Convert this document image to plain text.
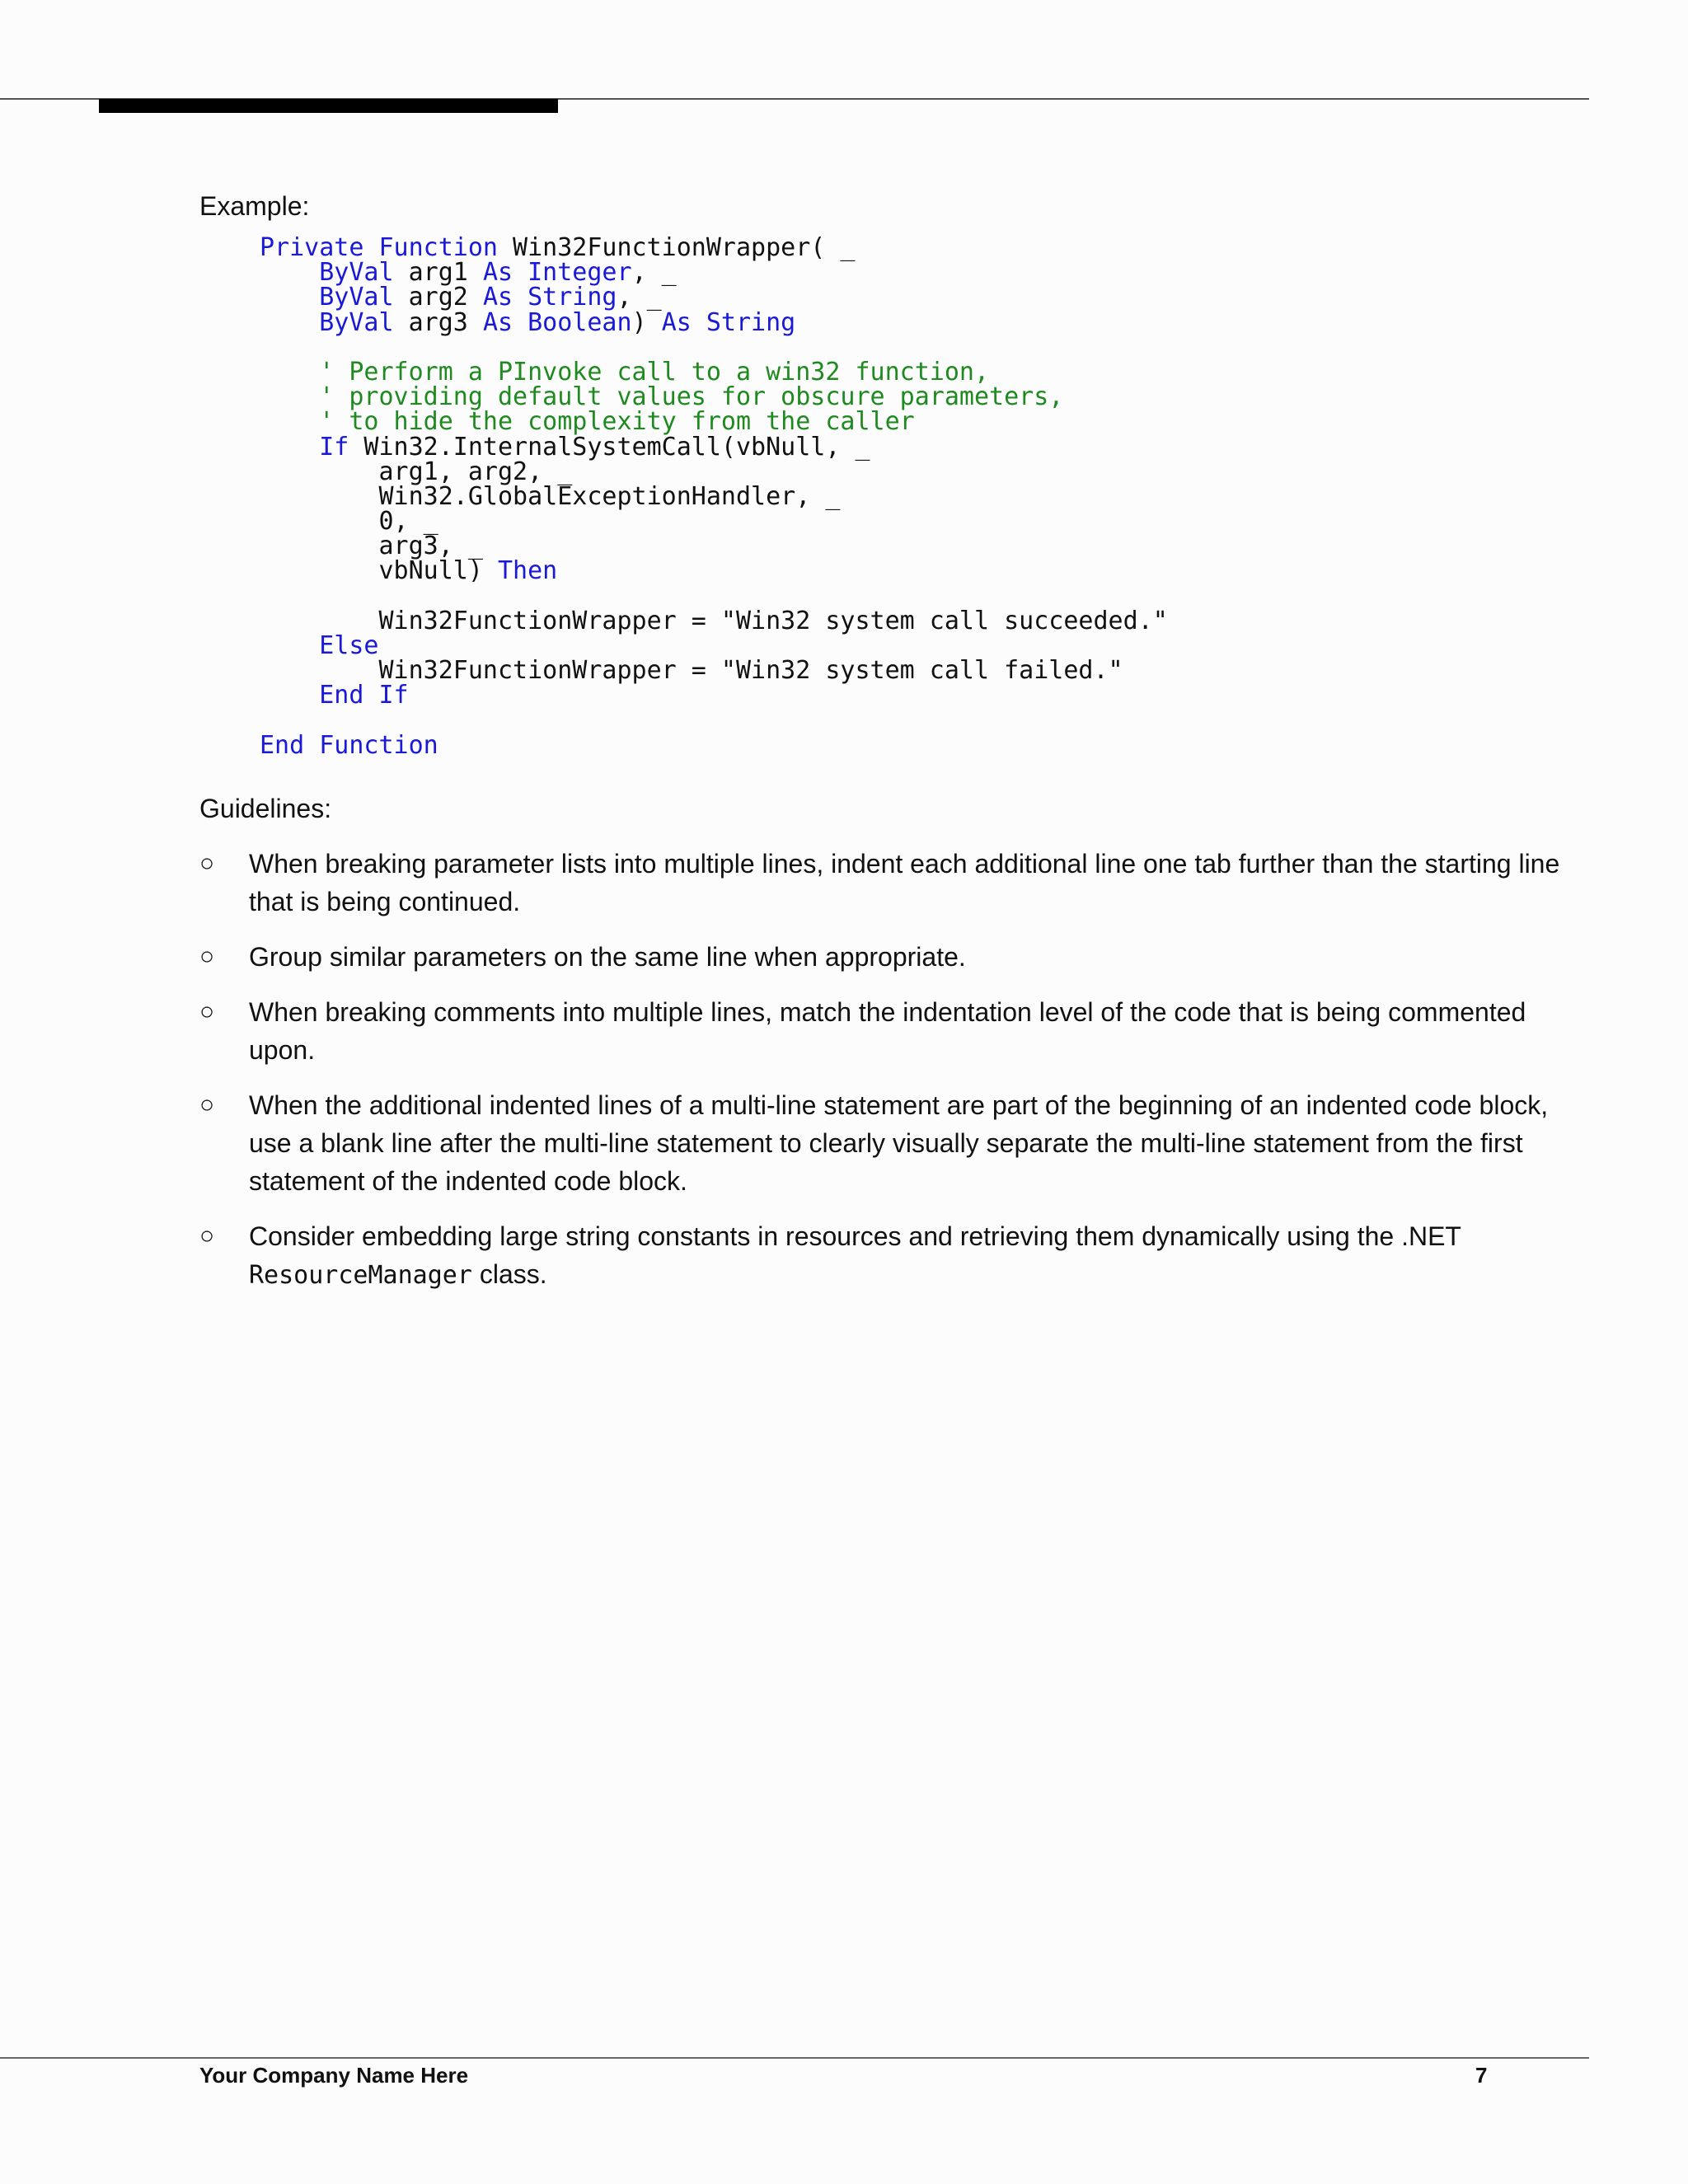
Example:

Private Function Win32FunctionWrapper( _
ByVal arg1 As Integer, _
ByVal arg2 As String, _
ByVal arg3 As Boolean) As String

' Perform a PInvoke call to a win32 function,
' providing default values for obscure parameters,
' to hide the complexity from the caller
If Win32.InternalSystemCall(vbNull, _
arg1, arg2, _
Win32.GlobalExceptionHandler, _
0, _
arg3, _
vbNull) Then

Win32FunctionWrapper = "Win32 system call succeeded."
Else
Win32FunctionWrapper = "Win32 system call failed."
End If

End Function

Guidelines:

○	When breaking parameter lists into multiple lines, indent each additional line one tab further than the starting line that is being continued.
○	Group similar parameters on the same line when appropriate.
○	When breaking comments into multiple lines, match the indentation level of the code that is being commented upon.
○	When the additional indented lines of a multi-line statement are part of the beginning of an indented code block, use a blank line after the multi-line statement to clearly visually separate the multi-line statement from the first statement of the indented code block.
○	Consider embedding large string constants in resources and retrieving them dynamically using the .NET
ResourceManager class.
Your Company Name Here	7
